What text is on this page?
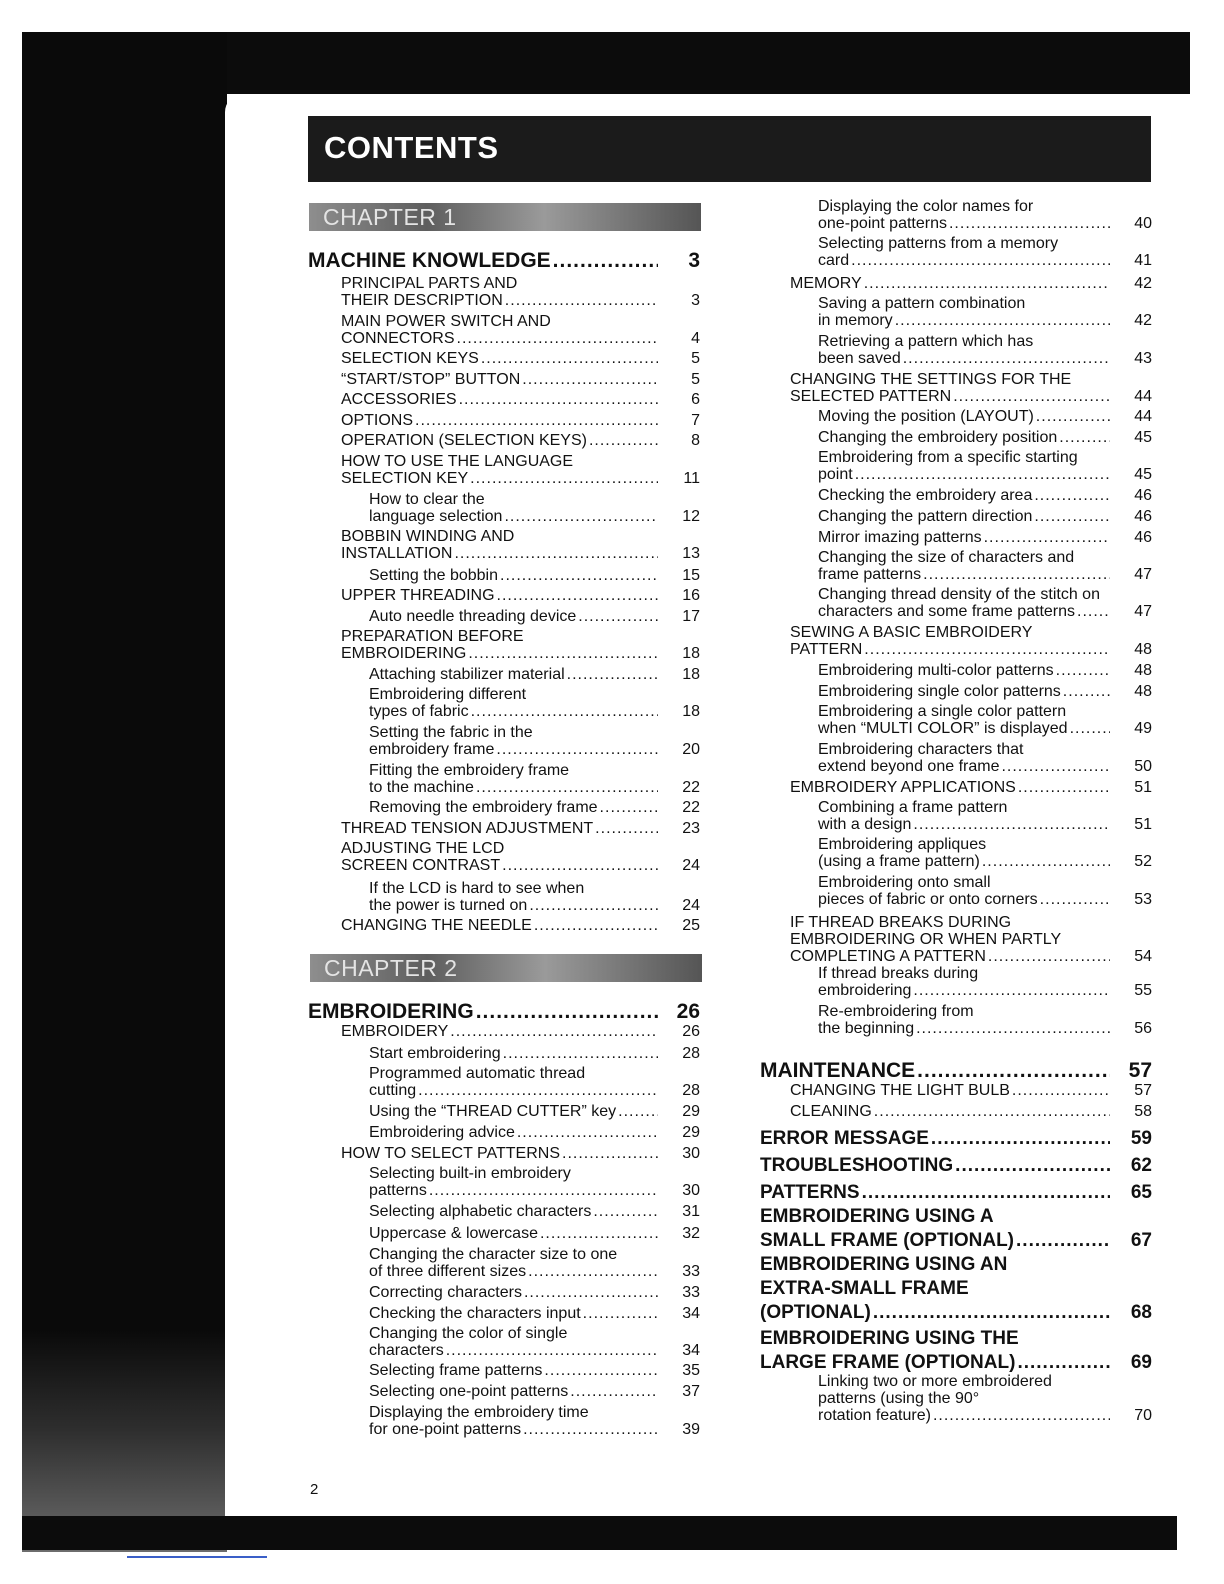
CONTENTS
CHAPTER 1
CHAPTER 2
MACHINE KNOWLEDGE .....	3
PRINCIPAL PARTS AND
THEIR DESCRIPTION .....	3
MAIN POWER SWITCH AND
CONNECTORS .....	4
SELECTION KEYS .....	5
“START/STOP” BUTTON .....	5
ACCESSORIES .....	6
OPTIONS .....	7
OPERATION (SELECTION KEYS) .....	8
HOW TO USE THE LANGUAGE
SELECTION KEY .....	11
How to clear the
language selection .....	12
BOBBIN WINDING AND
INSTALLATION .....	13
Setting the bobbin .....	15
UPPER THREADING .....	16
Auto needle threading device .....	17
PREPARATION BEFORE
EMBROIDERING .....	18
Attaching stabilizer material .....	18
Embroidering different
types of fabric .....	18
Setting the fabric in the
embroidery frame .....	20
Fitting the embroidery frame
to the machine .....	22
Removing the embroidery frame .....	22
THREAD TENSION ADJUSTMENT .....	23
ADJUSTING THE LCD
SCREEN CONTRAST .....	24
If the LCD is hard to see when
the power is turned on .....	24
CHANGING THE NEEDLE .....	25
EMBROIDERING .....	26
EMBROIDERY .....	26
Start embroidering .....	28
Programmed automatic thread
cutting .....	28
Using the “THREAD CUTTER” key .....	29
Embroidering advice .....	29
HOW TO SELECT PATTERNS .....	30
Selecting built-in embroidery
patterns .....	30
Selecting alphabetic characters .....	31
Uppercase & lowercase .....	32
Changing the character size to one
of three different sizes .....	33
Correcting characters .....	33
Checking the characters input .....	34
Changing the color of single
characters .....	34
Selecting frame patterns .....	35
Selecting one-point patterns .....	37
Displaying the embroidery time
for one-point patterns .....	39
Displaying the color names for
one-point patterns .....	40
Selecting patterns from a memory
card .....	41
MEMORY .....	42
Saving a pattern combination
in memory .....	42
Retrieving a pattern which has
been saved .....	43
CHANGING THE SETTINGS FOR THE
SELECTED PATTERN .....	44
Moving the position (LAYOUT) .....	44
Changing the embroidery position .....	45
Embroidering from a specific starting
point .....	45
Checking the embroidery area .....	46
Changing the pattern direction .....	46
Mirror imazing patterns .....	46
Changing the size of characters and
frame patterns .....	47
Changing thread density of the stitch on
characters and some frame patterns .....	47
SEWING A BASIC EMBROIDERY
PATTERN .....	48
Embroidering multi-color patterns .....	48
Embroidering single color patterns .....	48
Embroidering a single color pattern
when “MULTI COLOR” is displayed .....	49
Embroidering characters that
extend beyond one frame .....	50
EMBROIDERY APPLICATIONS .....	51
Combining a frame pattern
with a design .....	51
Embroidering appliques
(using a frame pattern) .....	52
Embroidering onto small
pieces of fabric or onto corners .....	53
IF THREAD BREAKS DURING
EMBROIDERING OR WHEN PARTLY
COMPLETING A PATTERN .....	54
If thread breaks during
embroidering .....	55
Re-embroidering from
the beginning .....	56
MAINTENANCE .....	57
CHANGING THE LIGHT BULB .....	57
CLEANING .....	58
ERROR MESSAGE .....	59
TROUBLESHOOTING .....	62
PATTERNS .....	65
EMBROIDERING USING A
SMALL FRAME (OPTIONAL) .....	67
EMBROIDERING USING AN
EXTRA-SMALL FRAME
(OPTIONAL) .....	68
EMBROIDERING USING THE
LARGE FRAME (OPTIONAL) .....	69
Linking two or more embroidered
patterns (using the 90°
rotation feature) .....	70
2
